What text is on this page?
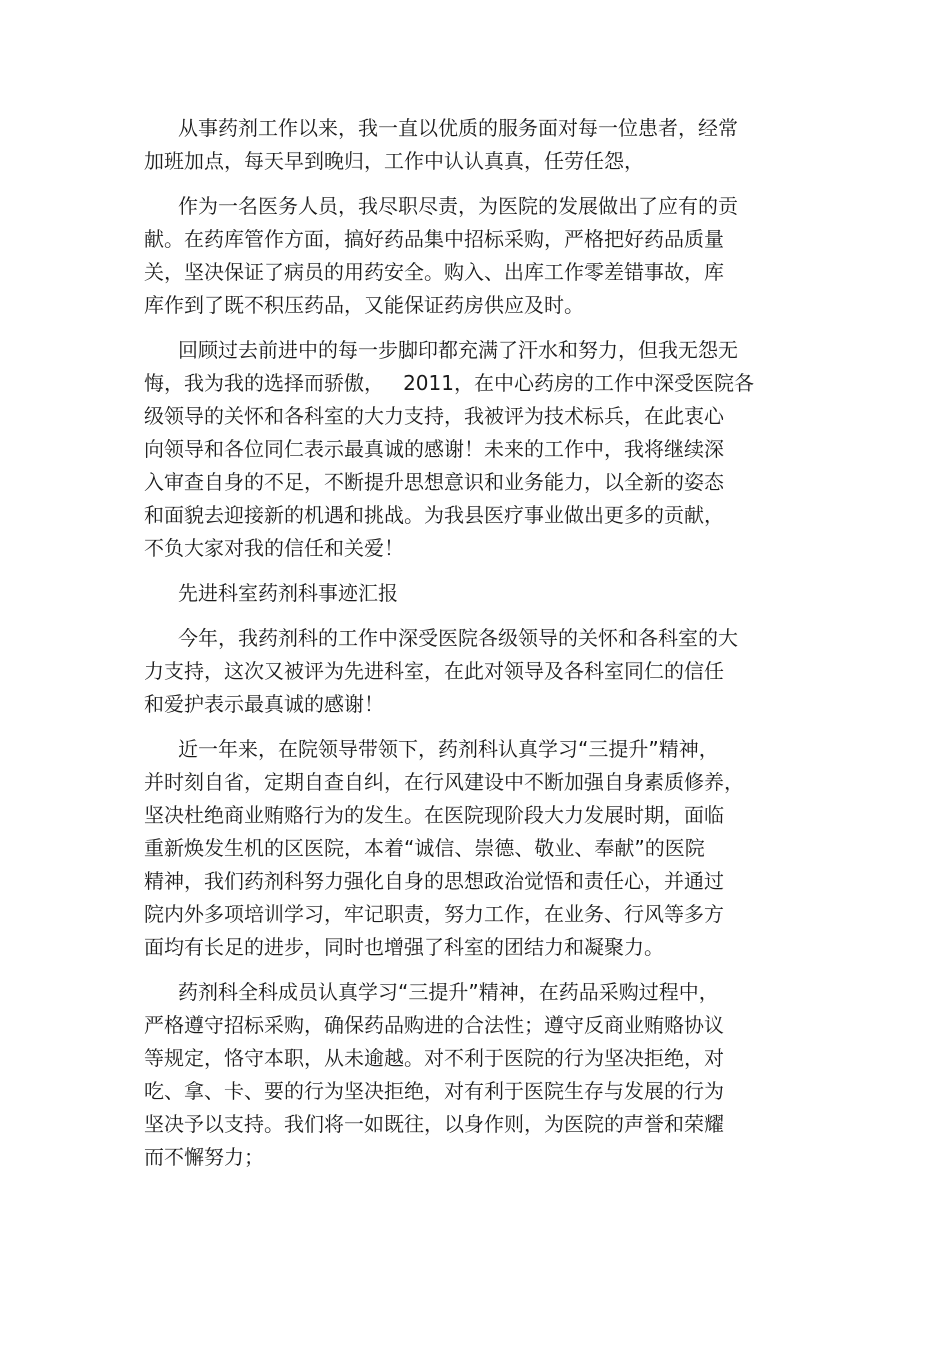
从事药剂工作以来，我一直以优质的服务面对每一位患者，经常
加班加点，每天早到晚归，工作中认认真真，任劳任怨，
作为一名医务人员，我尽职尽责，为医院的发展做出了应有的贡
献。在药库管作方面，搞好药品集中招标采购，严格把好药品质量
关，坚决保证了病员的用药安全。购入、出库工作零差错事故，库
库作到了既不积压药品，又能保证药房供应及时。
回顾过去前进中的每一步脚印都充满了汗水和努力，但我无怨无
悔，我为我的选择而骄傲，   2011，在中心药房的工作中深受医院各
级领导的关怀和各科室的大力支持，我被评为技术标兵，在此衷心
向领导和各位同仁表示最真诚的感谢！未来的工作中，我将继续深
入审查自身的不足，不断提升思想意识和业务能力，以全新的姿态
和面貌去迎接新的机遇和挑战。为我县医疗事业做出更多的贡献，
不负大家对我的信任和关爱！
先进科室药剂科事迹汇报
今年，我药剂科的工作中深受医院各级领导的关怀和各科室的大
力支持，这次又被评为先进科室，在此对领导及各科室同仁的信任
和爱护表示最真诚的感谢！
近一年来，在院领导带领下，药剂科认真学习“三提升”精神，
并时刻自省，定期自查自纠，在行风建设中不断加强自身素质修养，
坚决杜绝商业贿赂行为的发生。在医院现阶段大力发展时期，面临
重新焕发生机的区医院，本着“诚信、崇德、敬业、奉献”的医院
精神，我们药剂科努力强化自身的思想政治觉悟和责任心，并通过
院内外多项培训学习，牢记职责，努力工作，在业务、行风等多方
面均有长足的进步，同时也增强了科室的团结力和凝聚力。
药剂科全科成员认真学习“三提升”精神，在药品采购过程中，
严格遵守招标采购，确保药品购进的合法性；遵守反商业贿赂协议
等规定，恪守本职，从未逾越。对不利于医院的行为坚决拒绝，对
吃、拿、卡、要的行为坚决拒绝，对有利于医院生存与发展的行为
坚决予以支持。我们将一如既往，以身作则，为医院的声誉和荣耀
而不懈努力；
